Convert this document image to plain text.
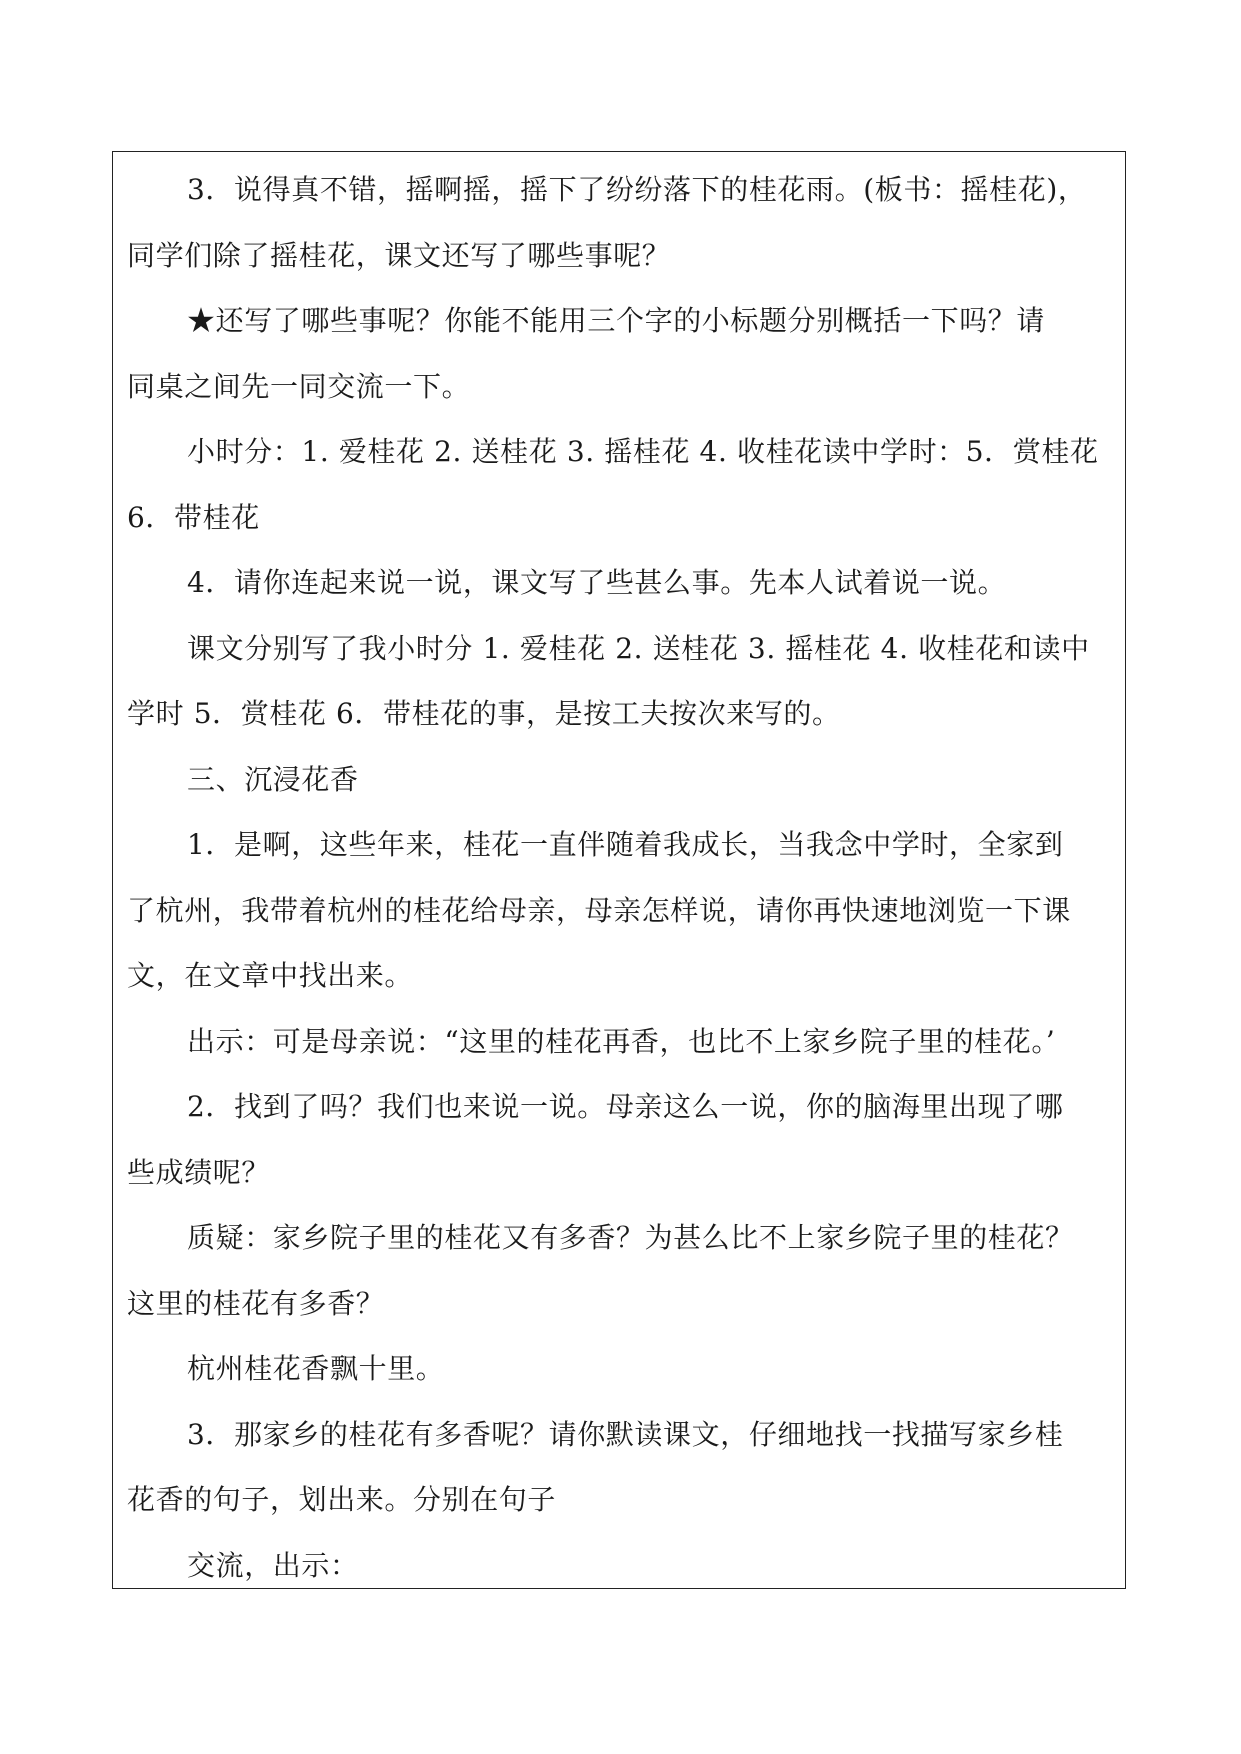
3．说得真不错，摇啊摇，摇下了纷纷落下的桂花雨。(板书：摇桂花)，
同学们除了摇桂花，课文还写了哪些事呢？
★还写了哪些事呢？你能不能用三个字的小标题分别概括一下吗？请
同桌之间先一同交流一下。
小时分：1. 爱桂花 2. 送桂花 3. 摇桂花 4. 收桂花读中学时：5．赏桂花
6．带桂花
4．请你连起来说一说，课文写了些甚么事。先本人试着说一说。
课文分别写了我小时分 1. 爱桂花 2. 送桂花 3. 摇桂花 4. 收桂花和读中
学时 5．赏桂花 6．带桂花的事，是按工夫按次来写的。
三、沉浸花香
1．是啊，这些年来，桂花一直伴随着我成长，当我念中学时，全家到
了杭州，我带着杭州的桂花给母亲，母亲怎样说，请你再快速地浏览一下课
文，在文章中找出来。
出示：可是母亲说：“这里的桂花再香，也比不上家乡院子里的桂花。’
2．找到了吗？我们也来说一说。母亲这么一说，你的脑海里出现了哪
些成绩呢？
质疑：家乡院子里的桂花又有多香？为甚么比不上家乡院子里的桂花？
这里的桂花有多香？
杭州桂花香飘十里。
3．那家乡的桂花有多香呢？请你默读课文，仔细地找一找描写家乡桂
花香的句子，划出来。分别在句子
交流，出示：
